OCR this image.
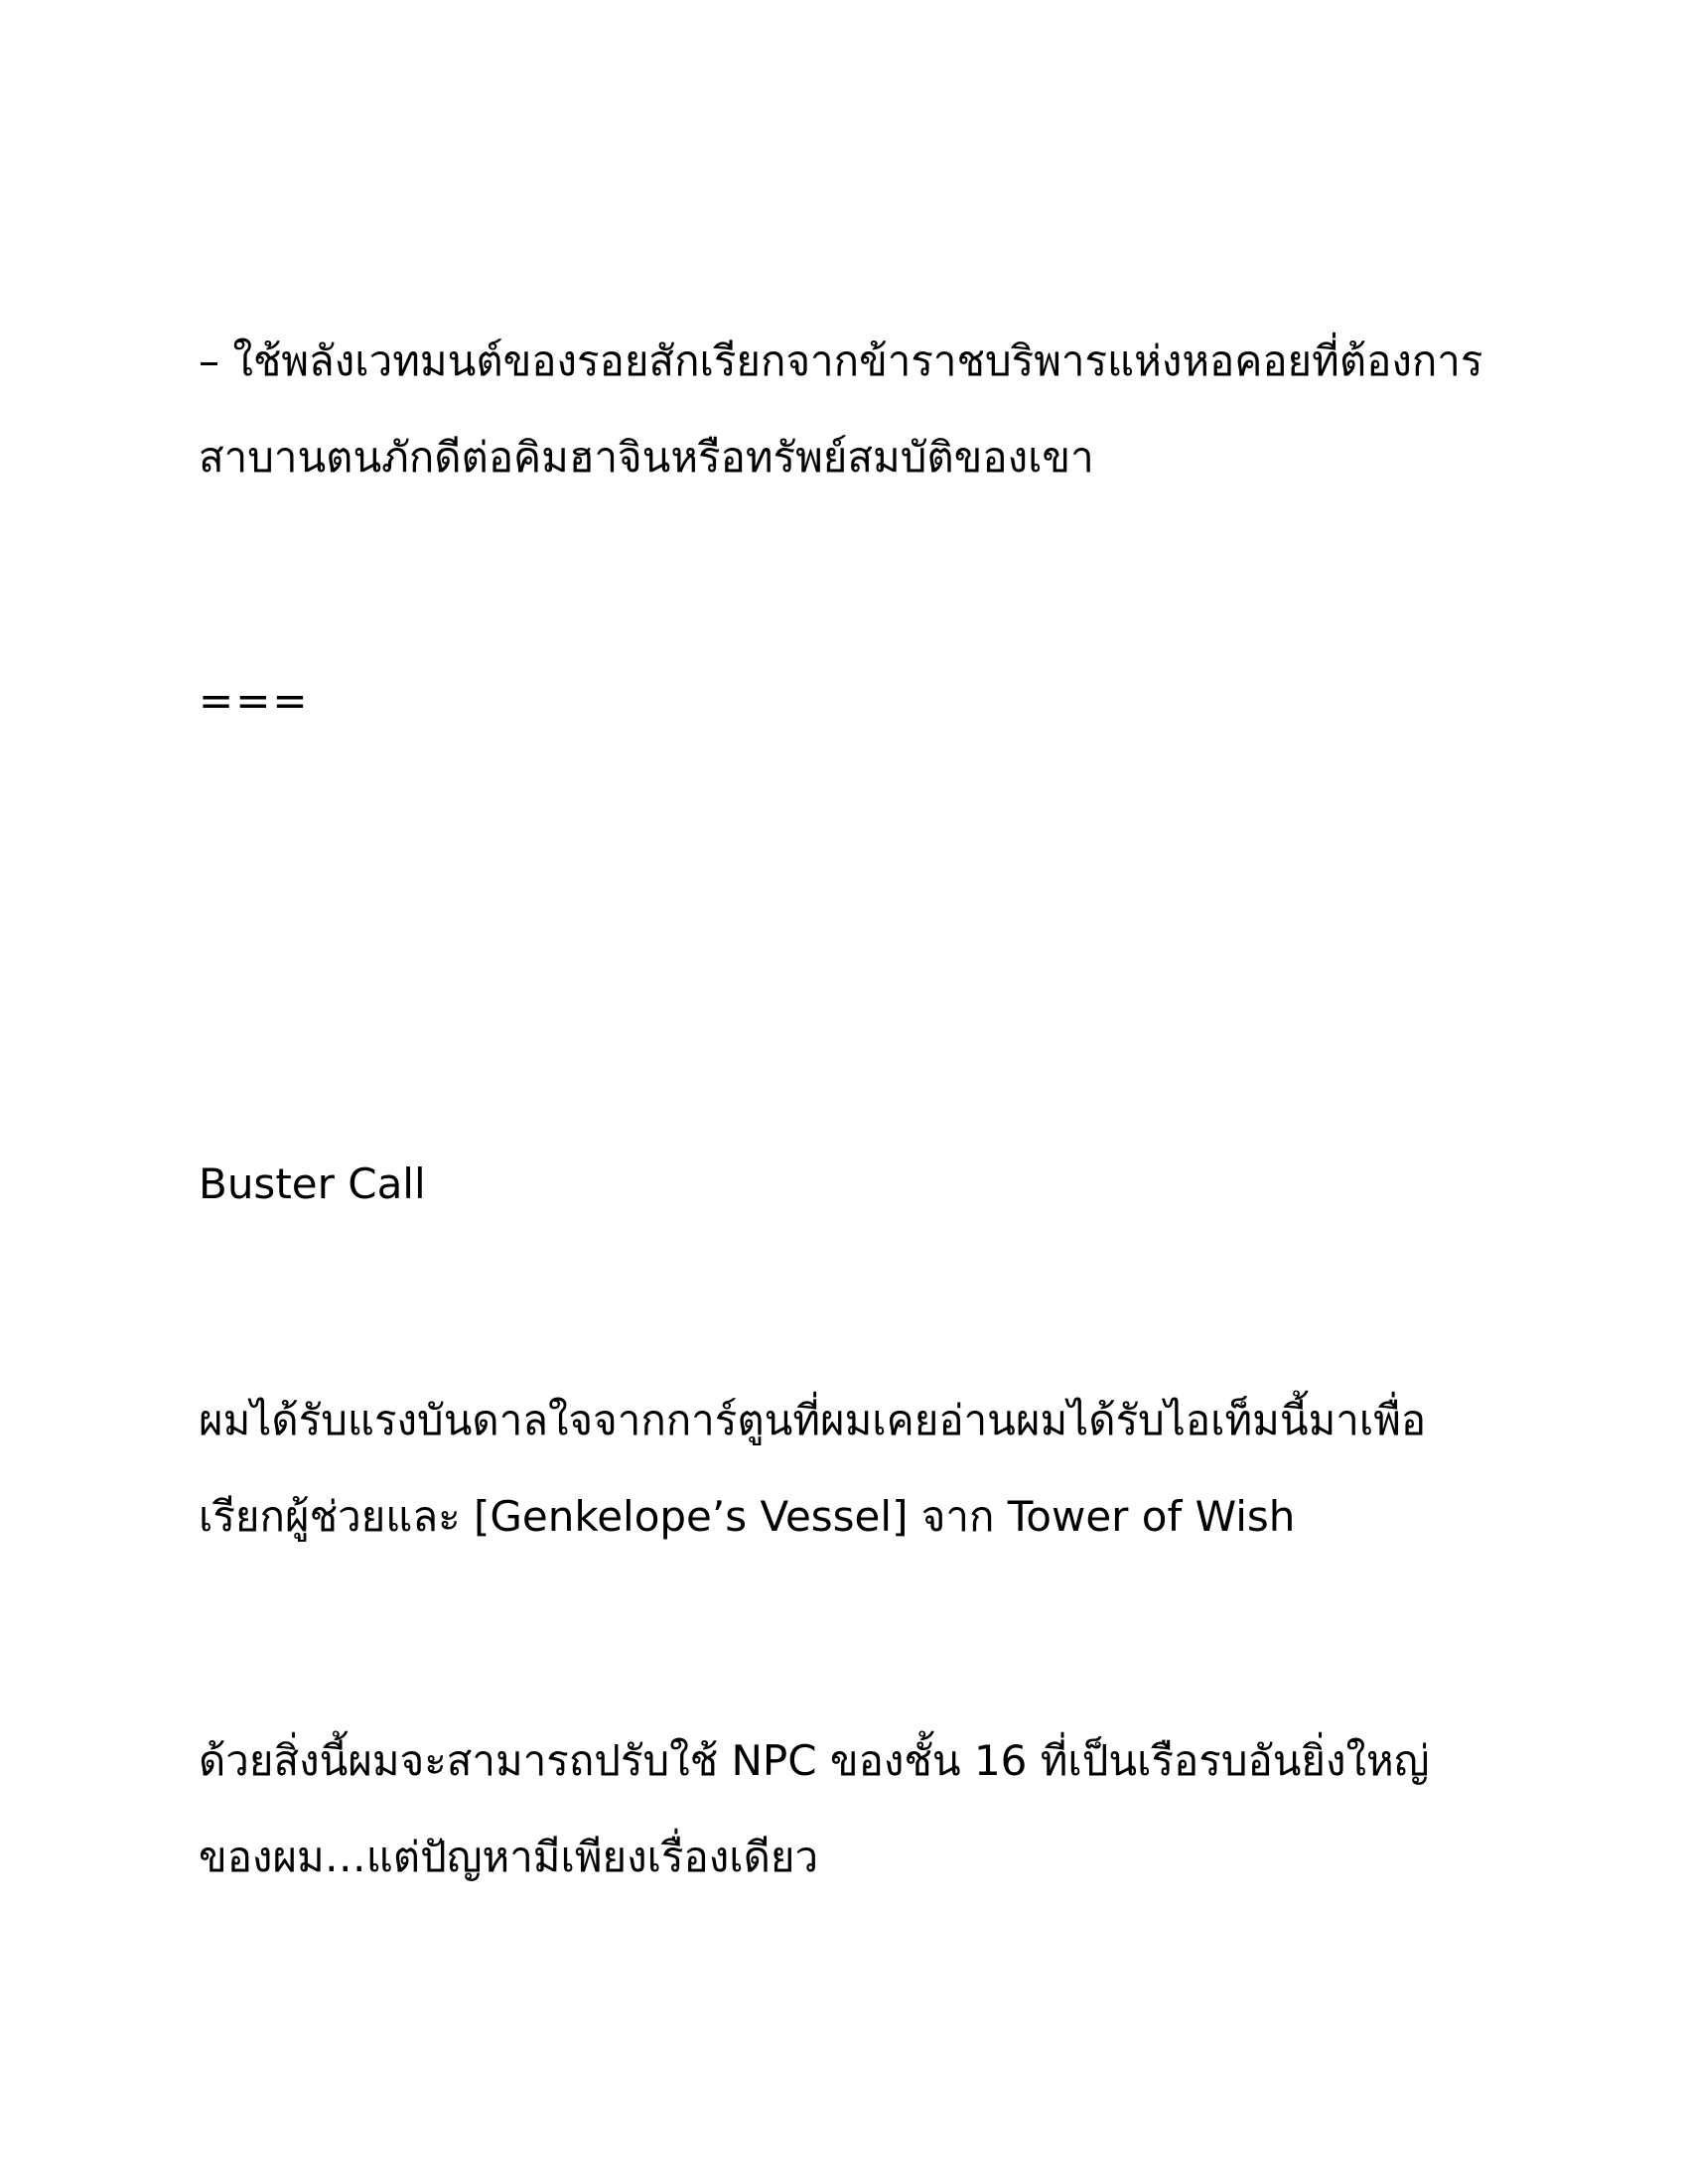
– ใช้พลังเวทมนต์ของรอยสักเรียกจากข้าราชบริพารแห่งหอคอยที่ต้องการ
สาบานตนภักดีต่อคิมฮาจินหรือทรัพย์สมบัติของเขา
===
Buster Call
ผมได้รับแรงบันดาลใจจากการ์ตูนที่ผมเคยอ่านผมได้รับไอเท็มนี้มาเพื่อ
เรียกผู้ช่วยและ [Genkelope’s Vessel] จาก Tower of Wish
ด้วยสิ่งนี้ผมจะสามารถปรับใช้ NPC ของชั้น 16 ที่เป็นเรือรบอันยิ่งใหญ่
ของผม…แต่ปัญหามีเพียงเรื่องเดียว
